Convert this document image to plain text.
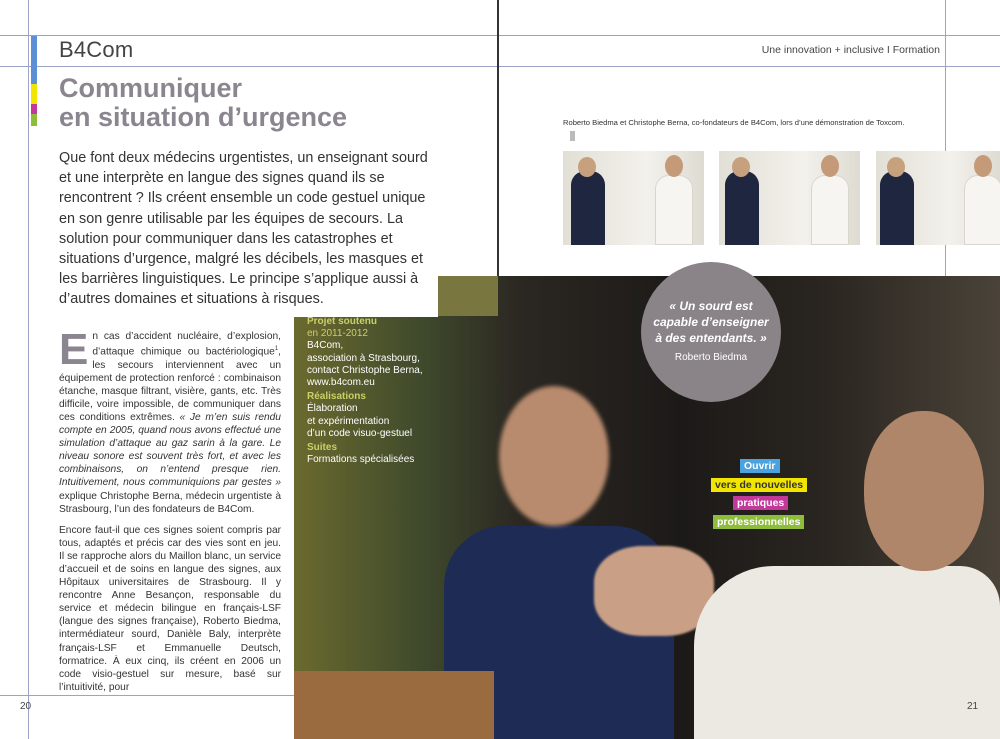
B4Com	Une innovation + inclusive I Formation
Communiquer
en situation d’urgence
Que font deux médecins urgentistes, un enseignant sourd et une interprète en langue des signes quand ils se rencontrent ? Ils créent ensemble un code gestuel unique en son genre utilisable par les équipes de secours. La solution pour communiquer dans les catastrophes et situations d’urgence, malgré les décibels, les masques et les barrières linguistiques. Le principe s’applique aussi à d’autres domaines et situations à risques.

En cas d’accident nucléaire, d’explosion, d’attaque chimique ou bactériologique$^1$, les secours interviennent avec un équipement de protection renforcé : combinaison étanche, masque filtrant, visière, gants, etc. Très difficile, voire impossible, de communiquer dans ces conditions extrêmes. « Je m’en suis rendu compte en 2005, quand nous avons effectué une simulation d’attaque au gaz sarin à la gare. Le niveau sonore est souvent très fort, et avec les combinaisons, on n’entend presque rien. Intuitivement, nous communiquions par gestes » explique Christophe Berna, médecin urgentiste à Strasbourg, l’un des fondateurs de B4Com.

Encore faut-il que ces signes soient compris par tous, adaptés et précis car des vies sont en jeu. Il se rapproche alors du Maillon blanc, un service d’accueil et de soins en langue des signes, aux Hôpitaux universitaires de Strasbourg. Il y rencontre Anne Besançon, responsable du service et médecin bilingue en français-LSF (langue des signes française), Roberto Biedma, intermédiateur sourd, Danièle Baly, interprète français-LSF et Emmanuelle Deutsch, formatrice. À eux cinq, ils créent en 2006 un code visio-gestuel sur mesure, basé sur l’intuitivité, pour

Projet soutenu
en 2011-2012
B4Com,
association à Strasbourg,
contact Christophe Berna,
www.b4com.eu
Réalisations
Élaboration
et expérimentation
d’un code visuo-gestuel
Suites
Formations spécialisées
« Un sourd est
capable d’enseigner
à des entendants. »
Roberto Biedma
Ouvrir
vers de nouvelles
pratiques
professionnelles
Roberto Biedma et Christophe Berna, co-fondateurs de B4Com, lors d’une démonstration de Toxcom.
20	21
